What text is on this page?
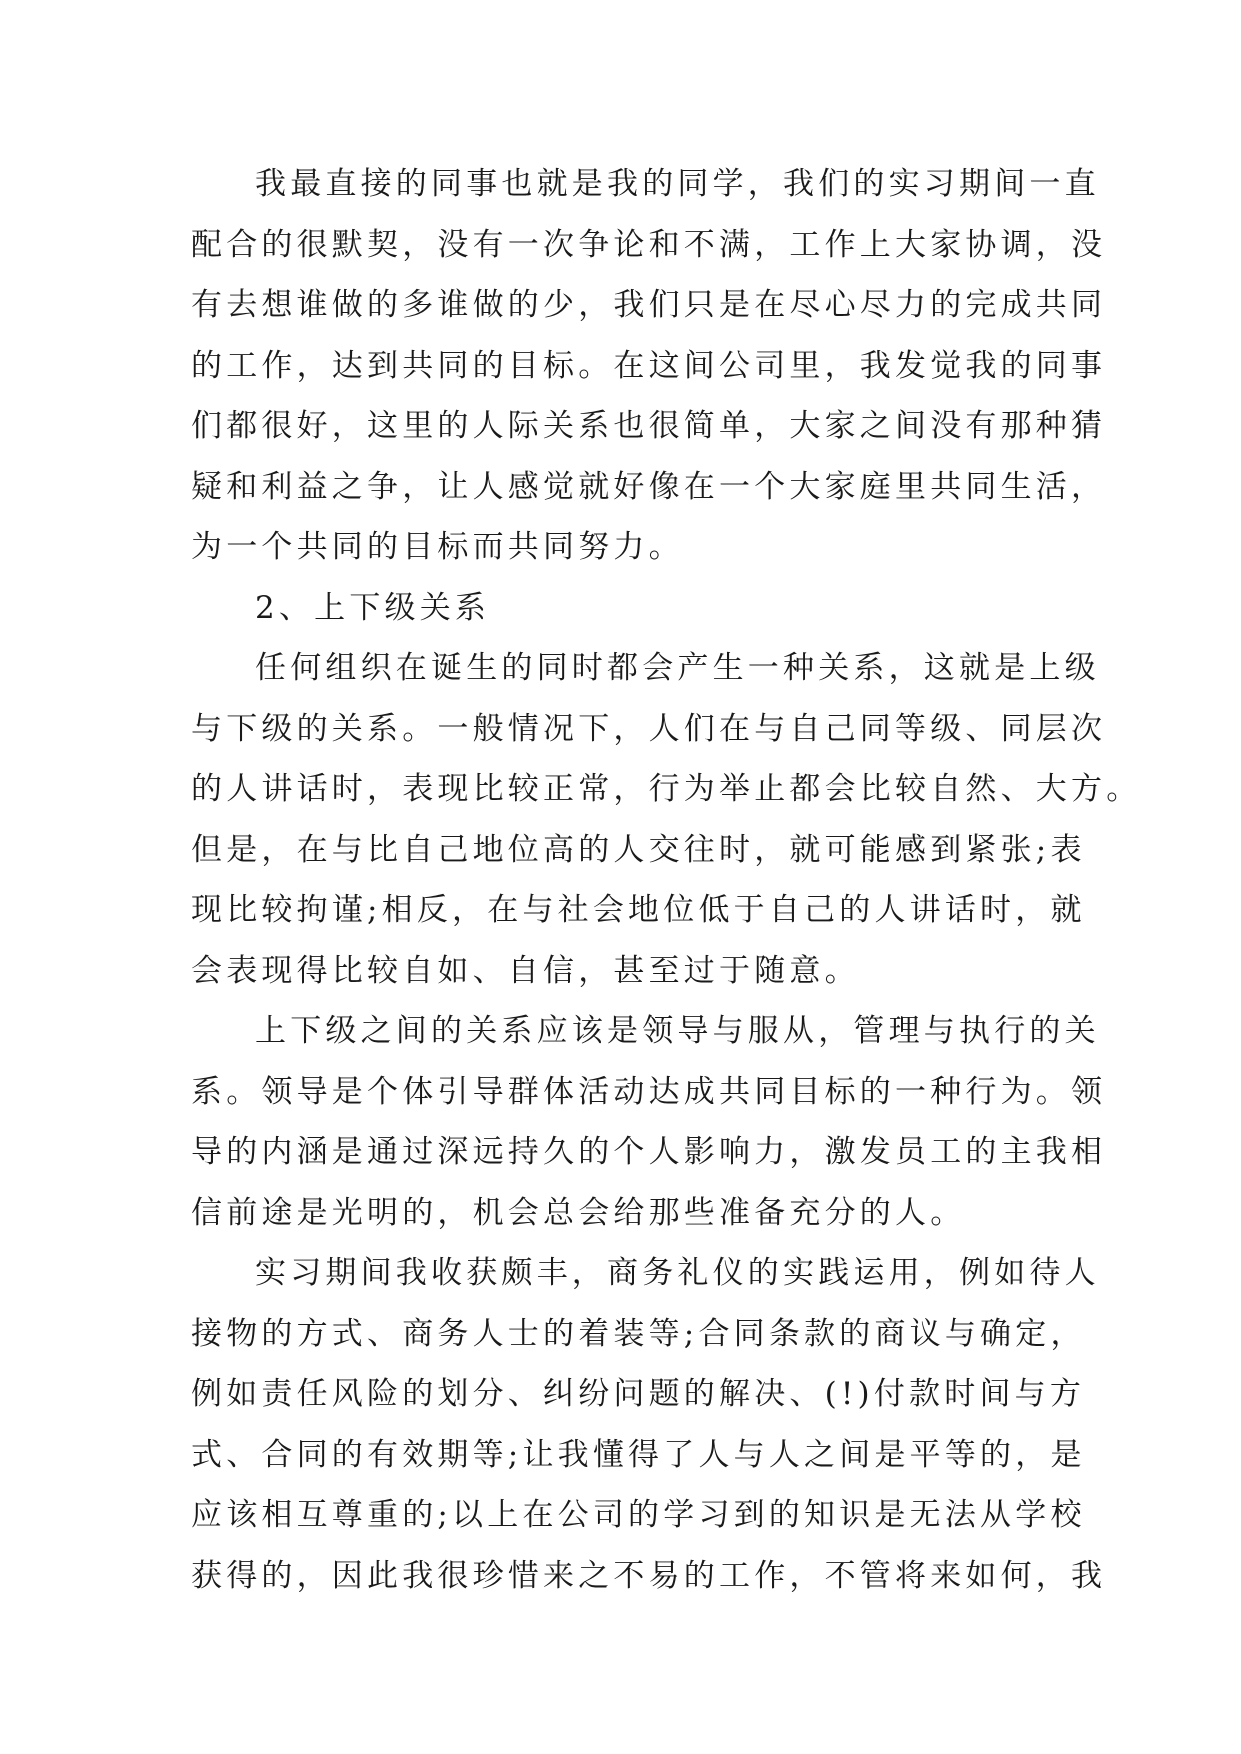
我最直接的同事也就是我的同学，我们的实习期间一直
配合的很默契，没有一次争论和不满，工作上大家协调，没
有去想谁做的多谁做的少，我们只是在尽心尽力的完成共同
的工作，达到共同的目标。在这间公司里，我发觉我的同事
们都很好，这里的人际关系也很简单，大家之间没有那种猜
疑和利益之争，让人感觉就好像在一个大家庭里共同生活，
为一个共同的目标而共同努力。
2、上下级关系
任何组织在诞生的同时都会产生一种关系，这就是上级
与下级的关系。一般情况下，人们在与自己同等级、同层次
的人讲话时，表现比较正常，行为举止都会比较自然、大方。
但是，在与比自己地位高的人交往时，就可能感到紧张;表
现比较拘谨;相反，在与社会地位低于自己的人讲话时，就
会表现得比较自如、自信，甚至过于随意。
上下级之间的关系应该是领导与服从，管理与执行的关
系。领导是个体引导群体活动达成共同目标的一种行为。领
导的内涵是通过深远持久的个人影响力，激发员工的主我相
信前途是光明的，机会总会给那些准备充分的人。
实习期间我收获颇丰，商务礼仪的实践运用，例如待人
接物的方式、商务人士的着装等;合同条款的商议与确定，
例如责任风险的划分、纠纷问题的解决、(!)付款时间与方
式、合同的有效期等;让我懂得了人与人之间是平等的，是
应该相互尊重的;以上在公司的学习到的知识是无法从学校
获得的，因此我很珍惜来之不易的工作，不管将来如何，我
